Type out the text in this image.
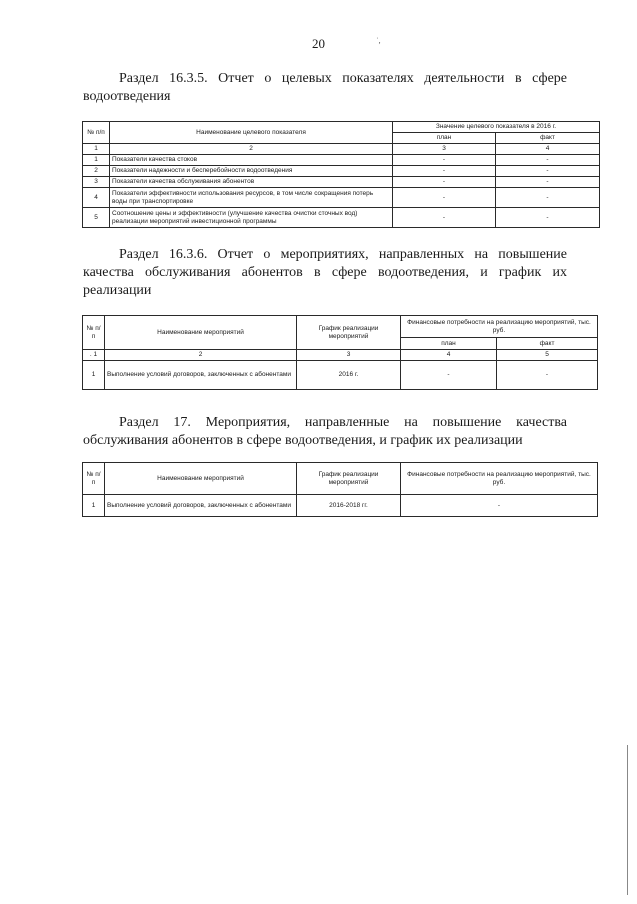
20	˙,

Раздел 16.3.5. Отчет о целевых показателях деятельности в сфере водоотведения

№ п/п	Наименование целевого показателя	Значение целевого показателя в 2016 г.	
		план	факт
1	2	3	4
1	Показатели качества стоков	-	-
2	Показатели надежности и бесперебойности водоотведения	-	-
3	Показатели качества обслуживания абонентов	-	-
4	Показатели эффективности использования ресурсов, в том числе сокращения потерь воды при транспортировке	-	-
5	Соотношение цены и эффективности (улучшение качества очистки сточных вод) реализации мероприятий инвестиционной программы	-	-

Раздел 16.3.6. Отчет о мероприятиях, направленных на повышение качества обслуживания абонентов в сфере водоотведения, и график их реализации

№ п/п	Наименование мероприятий	График реализации мероприятий	Финансовые потребности на реализацию мероприятий, тыс. руб.	
			план	факт
. 1	2	3	4	5
1	Выполнение условий договоров, заключенных с абонентами	2016 г.	-	-

Раздел 17. Мероприятия, направленные на повышение качества обслуживания абонентов в сфере водоотведения, и график их реализации

№ п/п	Наименование мероприятий	График реализации мероприятий	Финансовые потребности на реализацию мероприятий, тыс. руб.
1	Выполнение условий договоров, заключенных с абонентами	2016-2018 гг.	-
